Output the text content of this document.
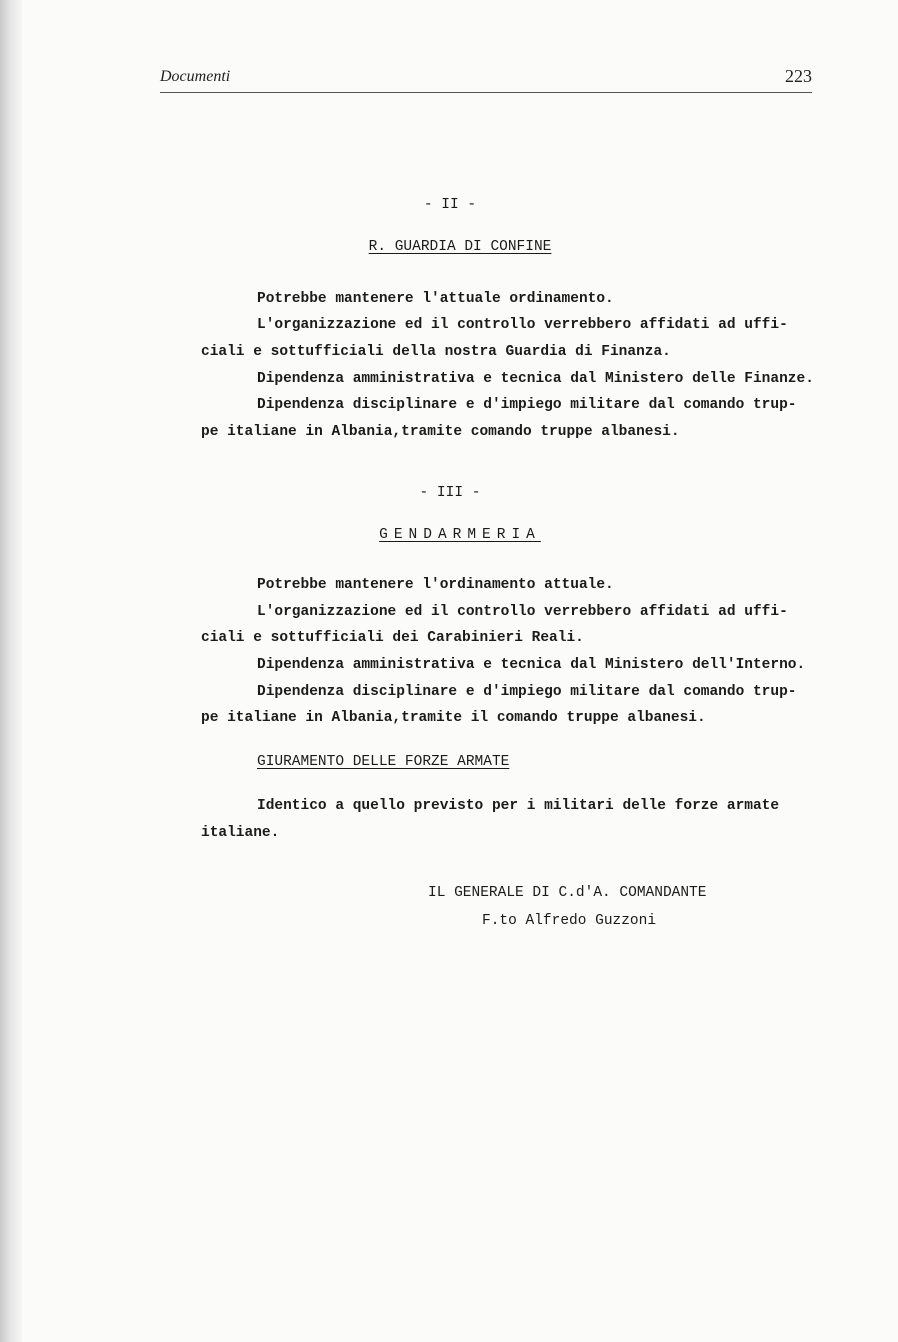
Documenti	223
- II -
R. GUARDIA DI CONFINE
Potrebbe mantenere l'attuale ordinamento.
L'organizzazione ed il controllo verrebbero affidati ad uffi-
ciali e sottufficiali della nostra Guardia di Finanza.
Dipendenza amministrativa e tecnica dal Ministero delle Finanze.
Dipendenza disciplinare e d'impiego militare dal comando trup-
pe italiane in Albania,tramite comando truppe albanesi.
- III -
GENDARMERIA
Potrebbe mantenere l'ordinamento attuale.
L'organizzazione ed il controllo verrebbero affidati ad uffi-
ciali e sottufficiali dei Carabinieri Reali.
Dipendenza amministrativa e tecnica dal Ministero dell'Interno.
Dipendenza disciplinare e d'impiego militare dal comando trup-
pe italiane in Albania,tramite il comando truppe albanesi.
GIURAMENTO DELLE FORZE ARMATE
Identico a quello previsto per i militari delle forze armate
italiane.
IL GENERALE DI C.d'A. COMANDANTE
F.to Alfredo Guzzoni
